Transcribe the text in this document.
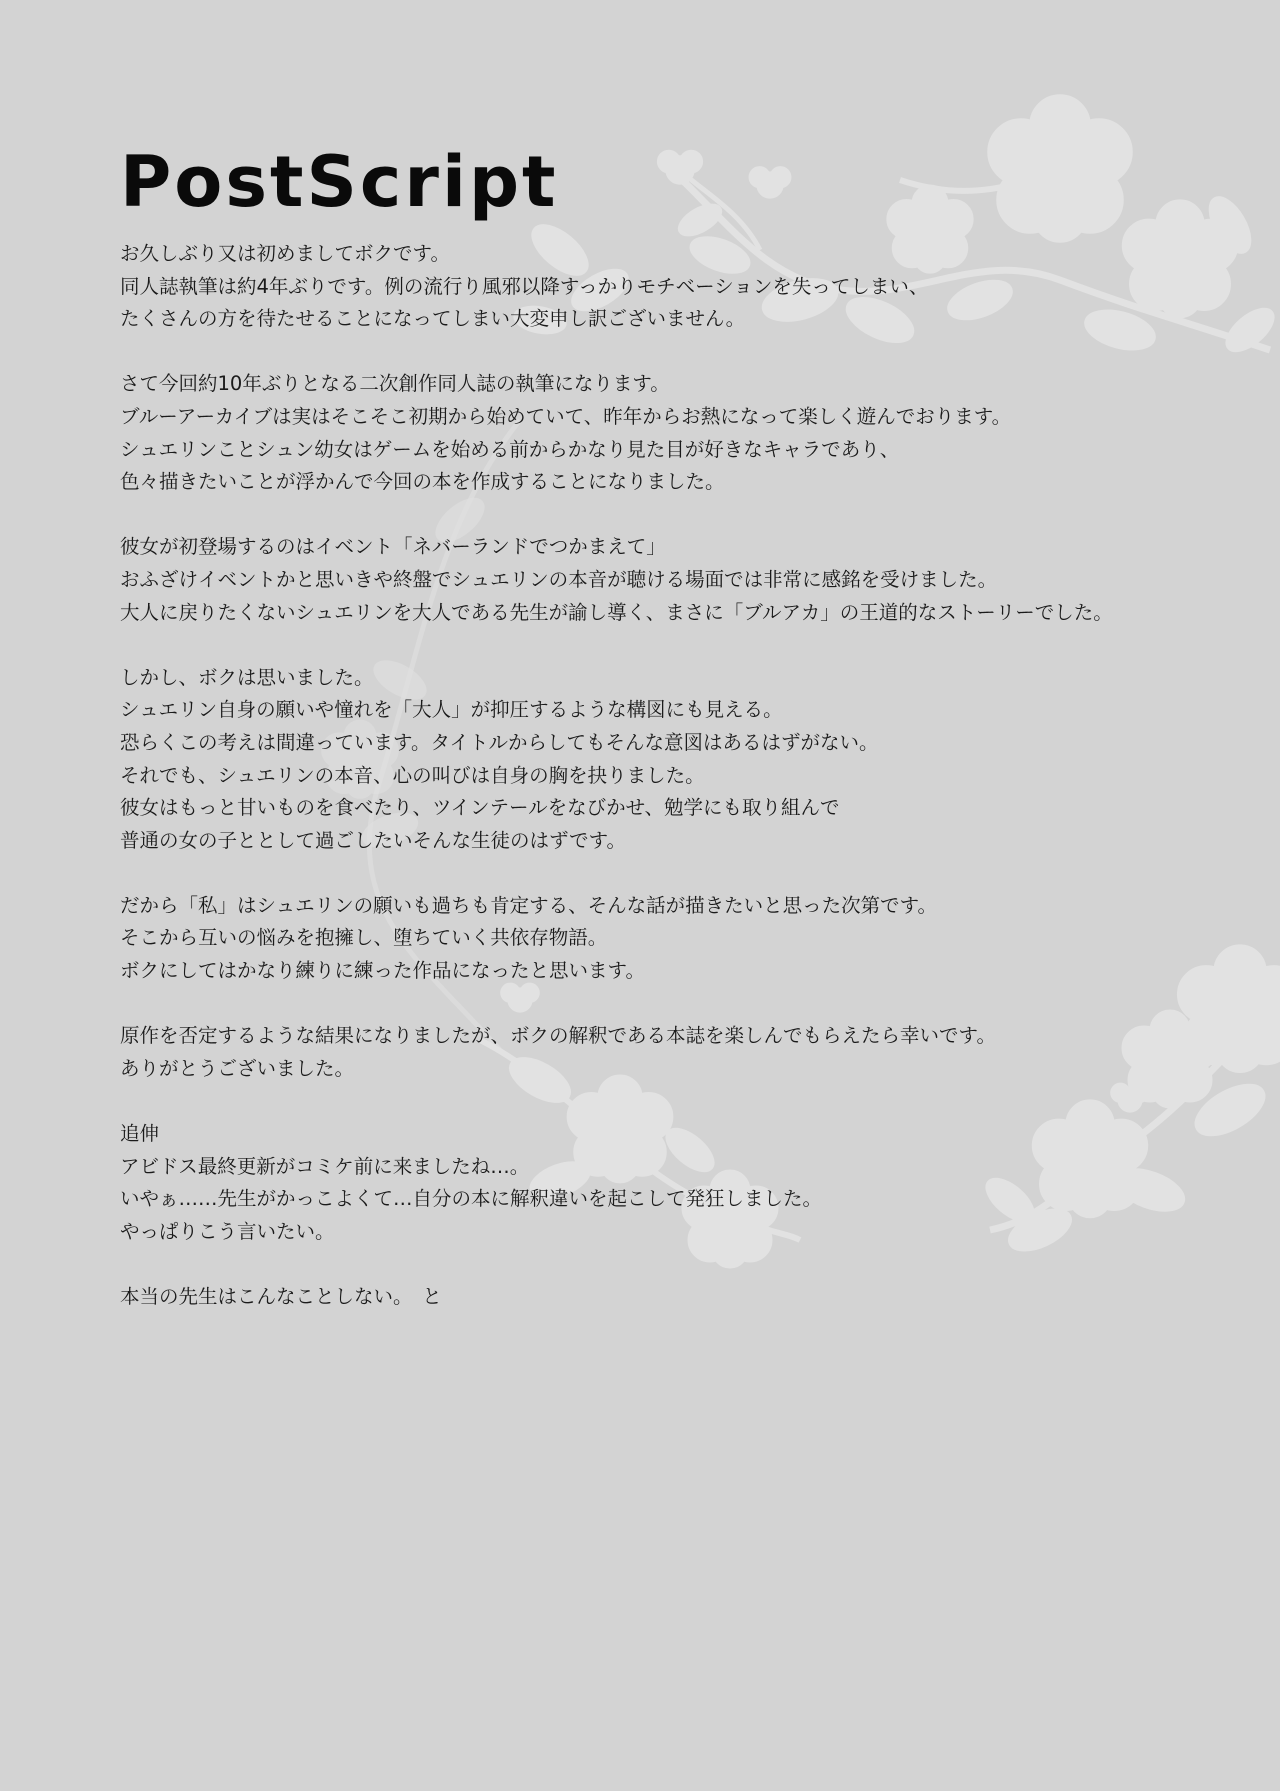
PostScript
お久しぶり又は初めましてボクです。
同人誌執筆は約4年ぶりです。例の流行り風邪以降すっかりモチベーションを失ってしまい、
たくさんの方を待たせることになってしまい大変申し訳ございません。
さて今回約10年ぶりとなる二次創作同人誌の執筆になります。
ブルーアーカイブは実はそこそこ初期から始めていて、昨年からお熱になって楽しく遊んでおります。
シュエリンことシュン幼女はゲームを始める前からかなり見た目が好きなキャラであり、
色々描きたいことが浮かんで今回の本を作成することになりました。
彼女が初登場するのはイベント「ネバーランドでつかまえて」
おふざけイベントかと思いきや終盤でシュエリンの本音が聴ける場面では非常に感銘を受けました。
大人に戻りたくないシュエリンを大人である先生が諭し導く、まさに「ブルアカ」の王道的なストーリーでした。
しかし、ボクは思いました。
シュエリン自身の願いや憧れを「大人」が抑圧するような構図にも見える。
恐らくこの考えは間違っています。タイトルからしてもそんな意図はあるはずがない。
それでも、シュエリンの本音、心の叫びは自身の胸を抉りました。
彼女はもっと甘いものを食べたり、ツインテールをなびかせ、勉学にも取り組んで
普通の女の子ととして過ごしたいそんな生徒のはずです。
だから「私」はシュエリンの願いも過ちも肯定する、そんな話が描きたいと思った次第です。
そこから互いの悩みを抱擁し、堕ちていく共依存物語。
ボクにしてはかなり練りに練った作品になったと思います。
原作を否定するような結果になりましたが、ボクの解釈である本誌を楽しんでもらえたら幸いです。
ありがとうございました。
追伸
アビドス最終更新がコミケ前に来ましたね…。
いやぁ……先生がかっこよくて…自分の本に解釈違いを起こして発狂しました。
やっぱりこう言いたい。
本当の先生はこんなことしない。　と
